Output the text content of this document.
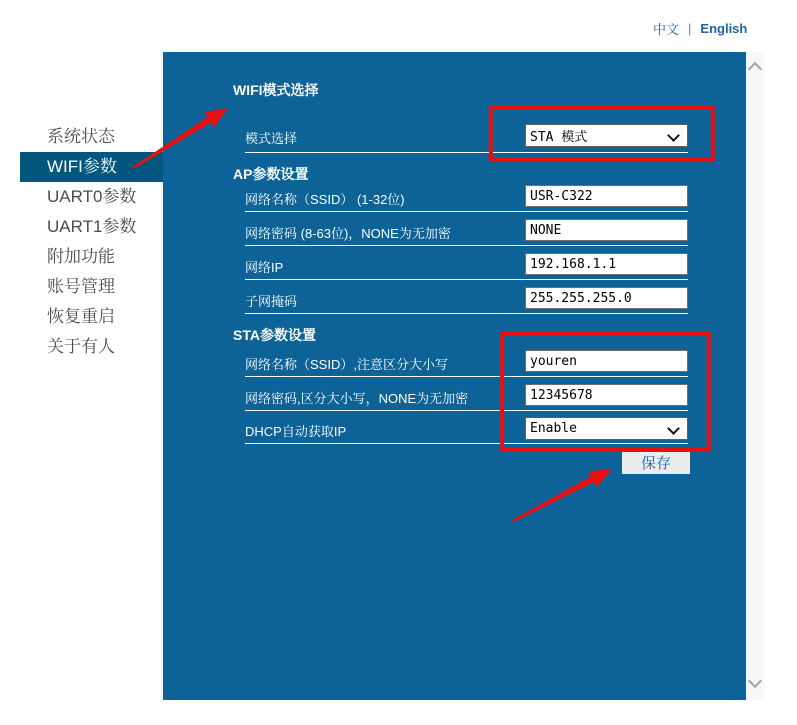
中文 | English
系统状态
WIFI参数
UART0参数
UART1参数
附加功能
账号管理
恢复重启
关于有人
WIFI模式选择
模式选择	STA 模式
AP参数设置
网络名称（SSID） (1-32位)
USR-C322
网络密码 (8-63位)，NONE为无加密
NONE
网络IP
192.168.1.1
子网掩码
255.255.255.0
STA参数设置
网络名称（SSID）,注意区分大小写
youren
网络密码,区分大小写，NONE为无加密
12345678
DHCP自动获取IP	Enable
保存
